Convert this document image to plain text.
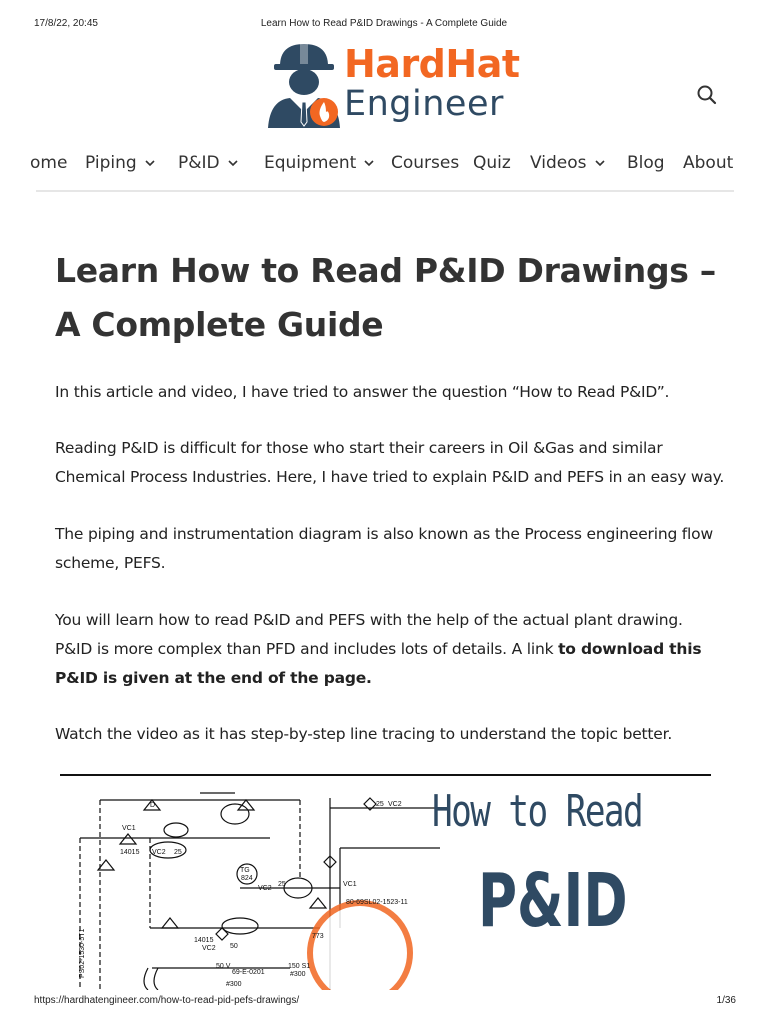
17/8/22, 20:45	Learn How to Read P&ID Drawings - A Complete Guide
HardHat
Engineer
ome Piping	P&ID	Equipment	Courses Quiz Videos	Blog About
Learn How to Read P&ID Drawings –
A Complete Guide

In this article and video, I have tried to answer the question “How to Read P&ID”.

Reading P&ID is difficult for those who start their careers in Oil &Gas and similar
Chemical Process Industries. Here, I have tried to explain P&ID and PEFS in an easy way.

The piping and instrumentation diagram is also known as the Process engineering flow
scheme, PEFS.

You will learn how to read P&ID and PEFS with the help of the actual plant drawing.
P&ID is more complex than PFD and includes lots of details. A link to download this
P&ID is given at the end of the page.

Watch the video as it has step-by-step line tracing to understand the topic better.

VC1
14015 VC2 25
TG
824
VC2
25	VC1
25 VC2
80-69SL02-1523-11
14015
VC2 50
50 V
69-E-0201
#300
773
150 S1
#300
D
PS02-1530-5T1
How to Read
P&ID
https://hardhatengineer.com/how-to-read-pid-pefs-drawings/	1/36
